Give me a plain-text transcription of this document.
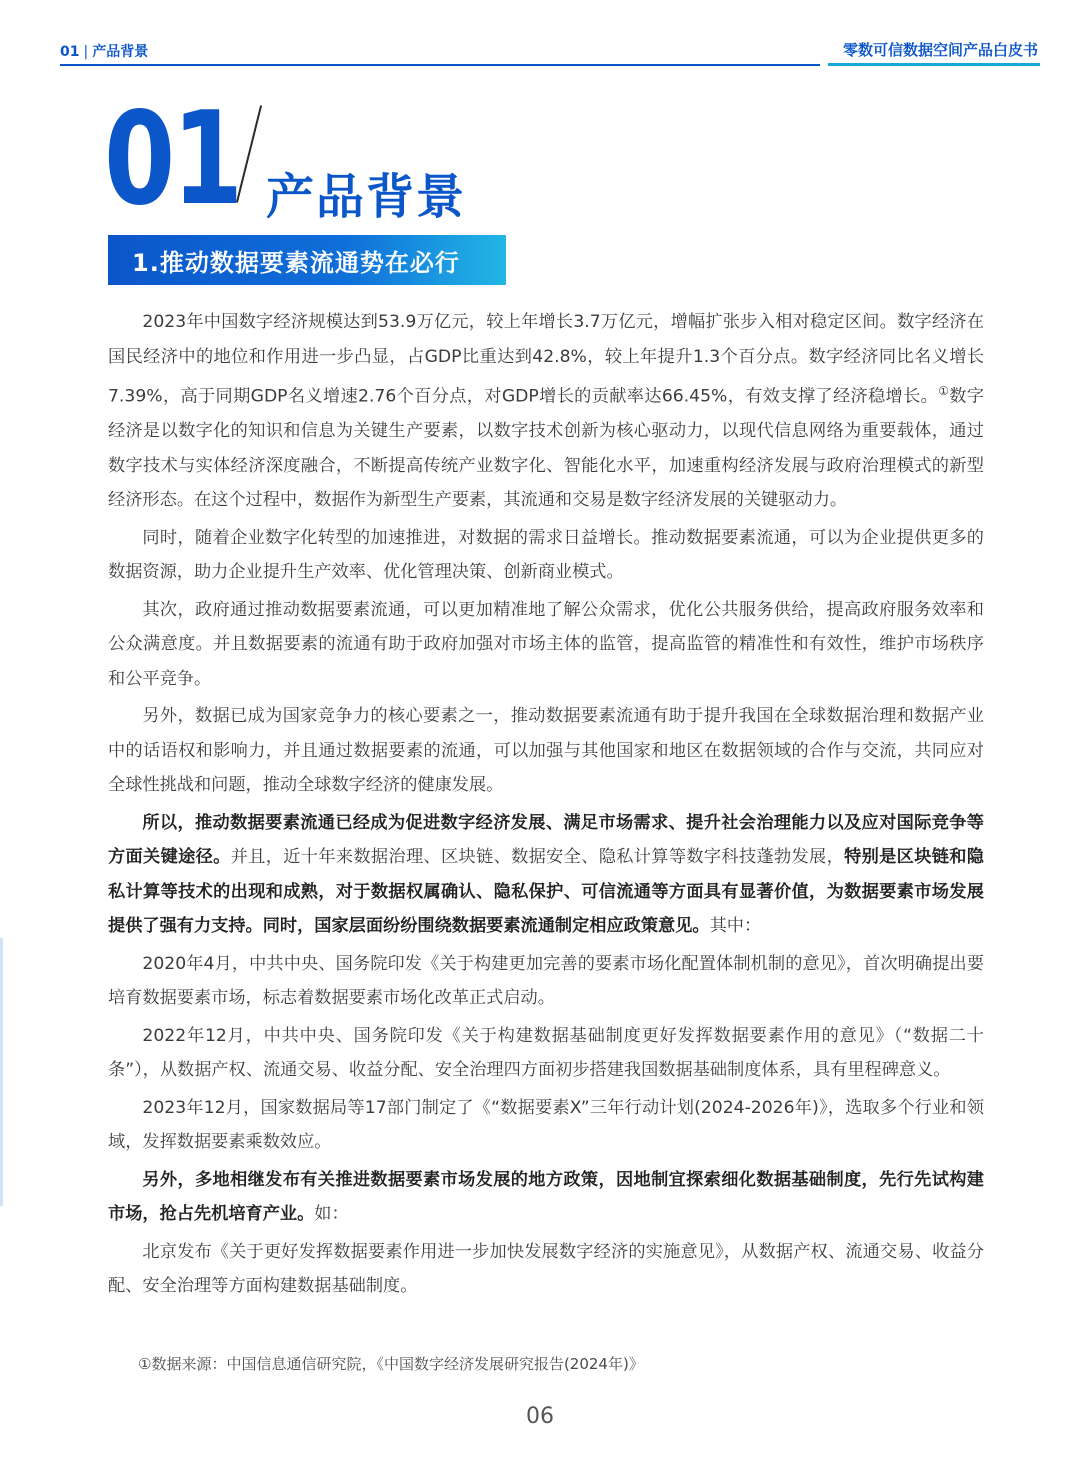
01 | 产品背景	零数可信数据空间产品白皮书
01 产品背景
1.推动数据要素流通势在必行

2023年中国数字经济规模达到53.9万亿元，较上年增长3.7万亿元，增幅扩张步入相对稳定区间。数字经济在国民经济中的地位和作用进一步凸显，占GDP比重达到42.8%，较上年提升1.3个百分点。数字经济同比名义增长7.39%，高于同期GDP名义增速2.76个百分点，对GDP增长的贡献率达66.45%，有效支撑了经济稳增长。①数字经济是以数字化的知识和信息为关键生产要素，以数字技术创新为核心驱动力，以现代信息网络为重要载体，通过数字技术与实体经济深度融合，不断提高传统产业数字化、智能化水平，加速重构经济发展与政府治理模式的新型经济形态。在这个过程中，数据作为新型生产要素，其流通和交易是数字经济发展的关键驱动力。

同时，随着企业数字化转型的加速推进，对数据的需求日益增长。推动数据要素流通，可以为企业提供更多的数据资源，助力企业提升生产效率、优化管理决策、创新商业模式。

其次，政府通过推动数据要素流通，可以更加精准地了解公众需求，优化公共服务供给，提高政府服务效率和公众满意度。并且数据要素的流通有助于政府加强对市场主体的监管，提高监管的精准性和有效性，维护市场秩序和公平竞争。

另外，数据已成为国家竞争力的核心要素之一，推动数据要素流通有助于提升我国在全球数据治理和数据产业中的话语权和影响力，并且通过数据要素的流通，可以加强与其他国家和地区在数据领域的合作与交流，共同应对全球性挑战和问题，推动全球数字经济的健康发展。

所以，推动数据要素流通已经成为促进数字经济发展、满足市场需求、提升社会治理能力以及应对国际竞争等方面关键途径。并且，近十年来数据治理、区块链、数据安全、隐私计算等数字科技蓬勃发展，特别是区块链和隐私计算等技术的出现和成熟，对于数据权属确认、隐私保护、可信流通等方面具有显著价值，为数据要素市场发展提供了强有力支持。同时，国家层面纷纷围绕数据要素流通制定相应政策意见。其中：

2020年4月，中共中央、国务院印发《关于构建更加完善的要素市场化配置体制机制的意见》，首次明确提出要培育数据要素市场，标志着数据要素市场化改革正式启动。

2022年12月，中共中央、国务院印发《关于构建数据基础制度更好发挥数据要素作用的意见》（“数据二十条”），从数据产权、流通交易、收益分配、安全治理四方面初步搭建我国数据基础制度体系，具有里程碑意义。

2023年12月，国家数据局等17部门制定了《“数据要素X”三年行动计划(2024-2026年)》，选取多个行业和领域，发挥数据要素乘数效应。

另外，多地相继发布有关推进数据要素市场发展的地方政策，因地制宜探索细化数据基础制度，先行先试构建市场，抢占先机培育产业。如：

北京发布《关于更好发挥数据要素作用进一步加快发展数字经济的实施意见》，从数据产权、流通交易、收益分配、安全治理等方面构建数据基础制度。

①数据来源：中国信息通信研究院，《中国数字经济发展研究报告(2024年)》
06
